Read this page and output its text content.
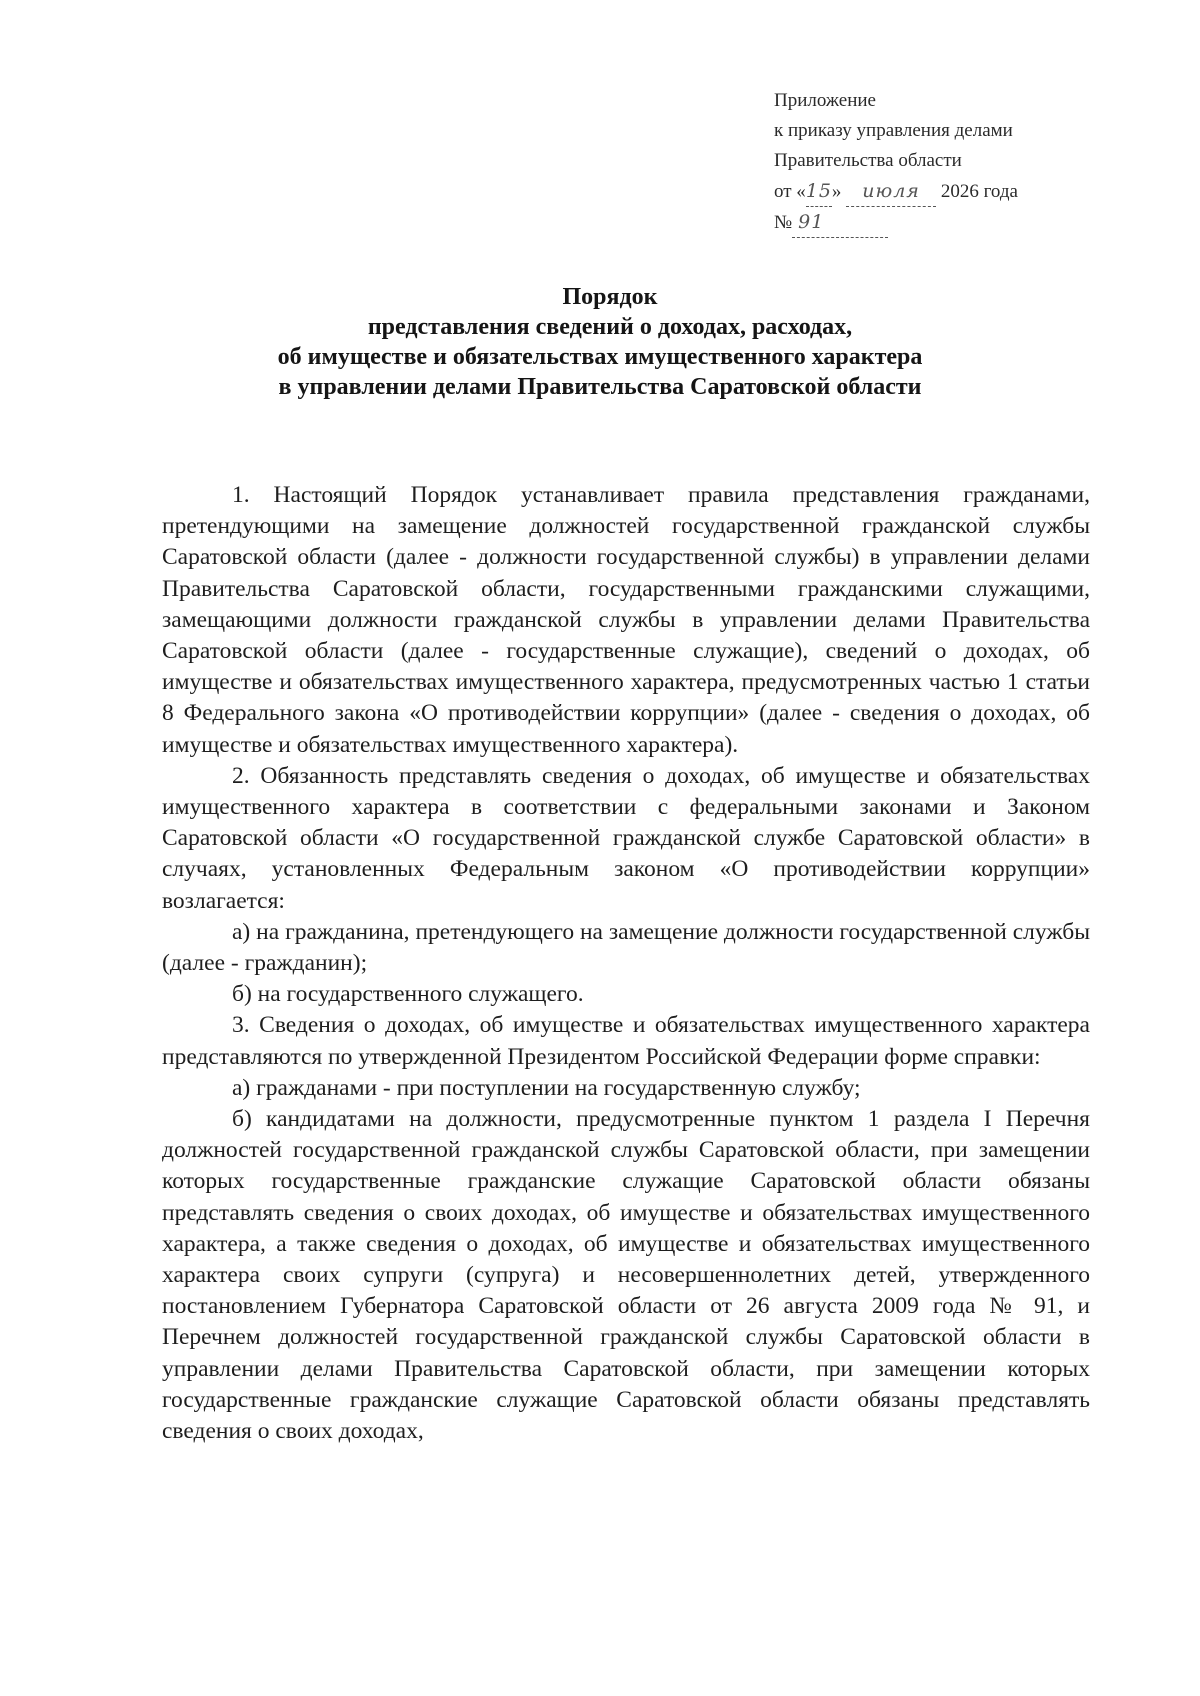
Приложение
к приказу управления делами
Правительства области
от «15» июля 2026 года
№ 91
Порядок
представления сведений о доходах, расходах,
об имуществе и обязательствах имущественного характера
в управлении делами Правительства Саратовской области

1. Настоящий Порядок устанавливает правила представления гражданами, претендующими на замещение должностей государственной гражданской службы Саратовской области (далее - должности государственной службы) в управлении делами Правительства Саратовской области, государственными гражданскими служащими, замещающими должности гражданской службы в управлении делами Правительства Саратовской области (далее - государственные служащие), сведений о доходах, об имуществе и обязательствах имущественного характера, предусмотренных частью 1 статьи 8 Федерального закона «О противодействии коррупции» (далее - сведения о доходах, об имуществе и обязательствах имущественного характера).

2. Обязанность представлять сведения о доходах, об имуществе и обязательствах имущественного характера в соответствии с федеральными законами и Законом Саратовской области «О государственной гражданской службе Саратовской области» в случаях, установленных Федеральным законом «О противодействии коррупции» возлагается:

а) на гражданина, претендующего на замещение должности государственной службы (далее - гражданин);

б) на государственного служащего.

3. Сведения о доходах, об имуществе и обязательствах имущественного характера представляются по утвержденной Президентом Российской Федерации форме справки:

а) гражданами - при поступлении на государственную службу;

б) кандидатами на должности, предусмотренные пунктом 1 раздела I Перечня должностей государственной гражданской службы Саратовской области, при замещении которых государственные гражданские служащие Саратовской области обязаны представлять сведения о своих доходах, об имуществе и обязательствах имущественного характера, а также сведения о доходах, об имуществе и обязательствах имущественного характера своих супруги (супруга) и несовершеннолетних детей, утвержденного постановлением Губернатора Саратовской области от 26 августа 2009 года № 91, и Перечнем должностей государственной гражданской службы Саратовской области в управлении делами Правительства Саратовской области, при замещении которых государственные гражданские служащие Саратовской области обязаны представлять сведения о своих доходах,
